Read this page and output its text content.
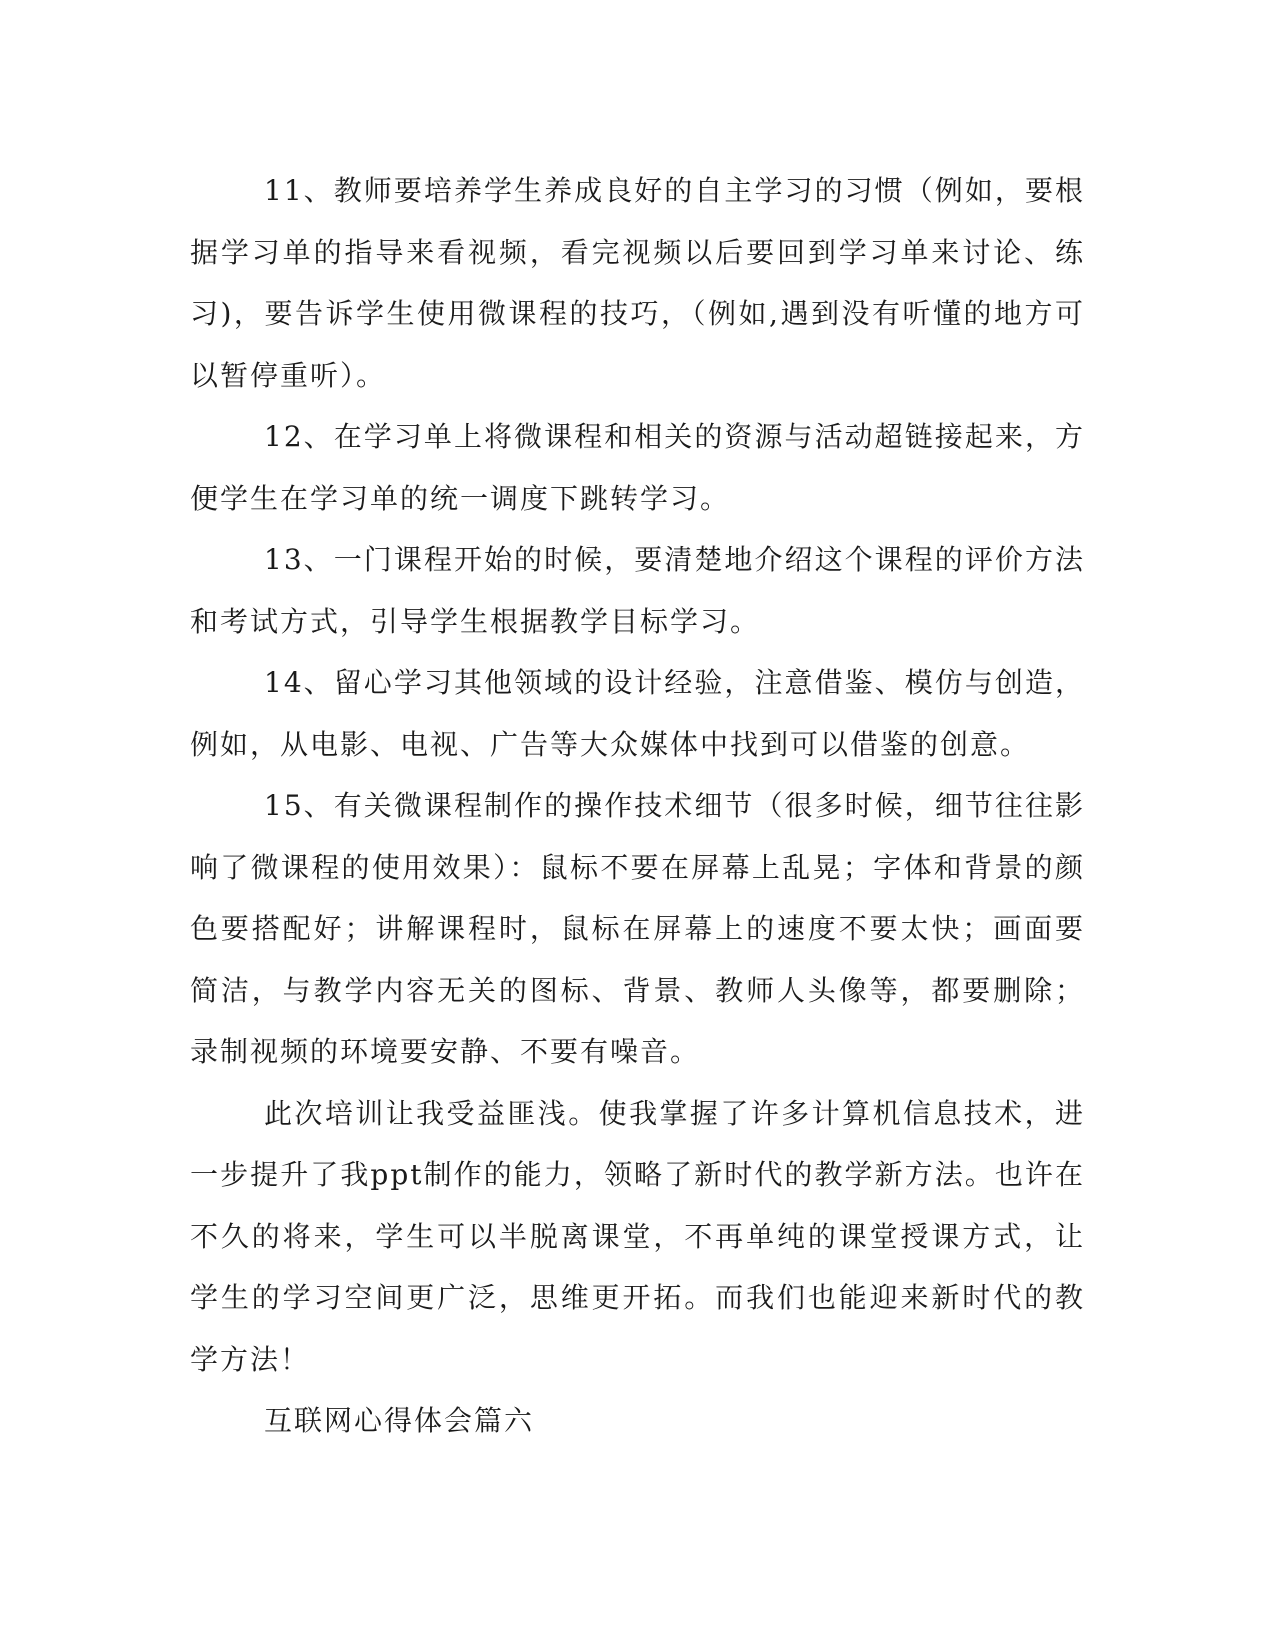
11、教师要培养学生养成良好的自主学习的习惯（例如，要根据学习单的指导来看视频，看完视频以后要回到学习单来讨论、练习)，要告诉学生使用微课程的技巧，（例如,遇到没有听懂的地方可以暂停重听）。

12、在学习单上将微课程和相关的资源与活动超链接起来，方便学生在学习单的统一调度下跳转学习。

13、一门课程开始的时候，要清楚地介绍这个课程的评价方法和考试方式，引导学生根据教学目标学习。

14、留心学习其他领域的设计经验，注意借鉴、模仿与创造，例如，从电影、电视、广告等大众媒体中找到可以借鉴的创意。

15、有关微课程制作的操作技术细节（很多时候，细节往往影响了微课程的使用效果）：鼠标不要在屏幕上乱晃；字体和背景的颜色要搭配好；讲解课程时，鼠标在屏幕上的速度不要太快；画面要简洁，与教学内容无关的图标、背景、教师人头像等，都要删除；录制视频的环境要安静、不要有噪音。

此次培训让我受益匪浅。使我掌握了许多计算机信息技术，进一步提升了我ppt制作的能力，领略了新时代的教学新方法。也许在不久的将来，学生可以半脱离课堂，不再单纯的课堂授课方式，让学生的学习空间更广泛，思维更开拓。而我们也能迎来新时代的教学方法！

互联网心得体会篇六
